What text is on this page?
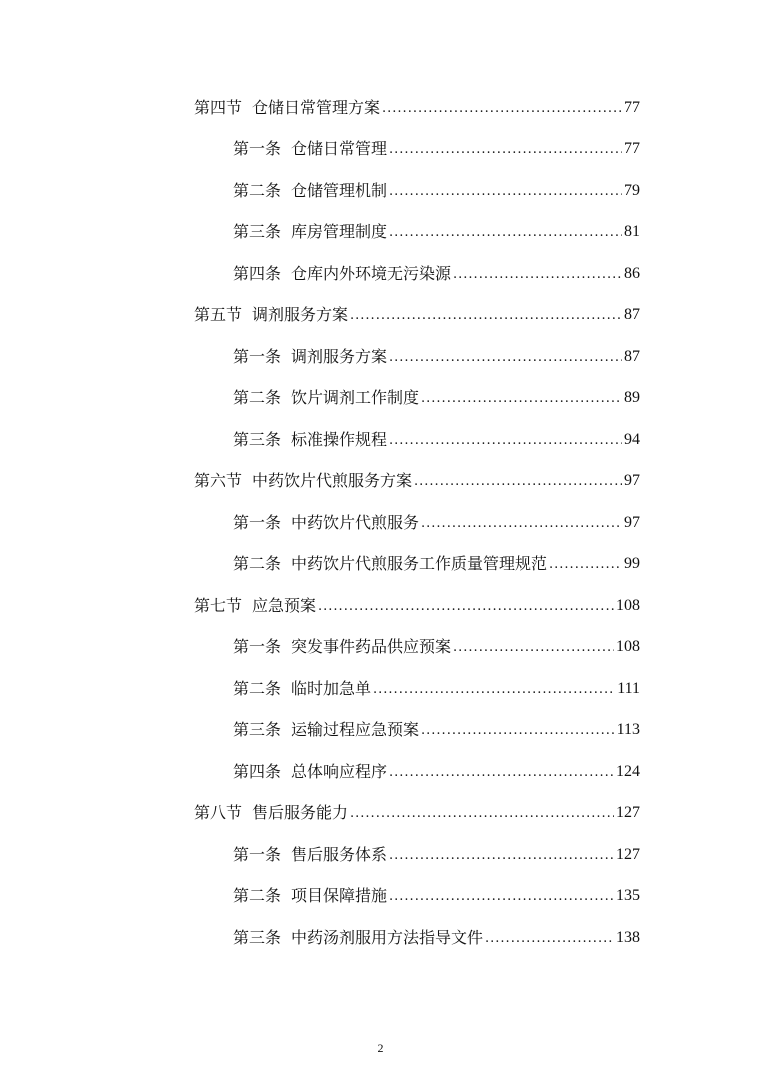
第四节 仓储日常管理方案 .....	77
第一条 仓储日常管理 .....	77
第二条 仓储管理机制 .....	79
第三条 库房管理制度 .....	81
第四条 仓库内外环境无污染源 .....	86
第五节 调剂服务方案 .....	87
第一条 调剂服务方案 .....	87
第二条 饮片调剂工作制度 .....	89
第三条 标准操作规程 .....	94
第六节 中药饮片代煎服务方案 .....	97
第一条 中药饮片代煎服务 .....	97
第二条 中药饮片代煎服务工作质量管理规范 .....	99
第七节 应急预案 .....	108
第一条 突发事件药品供应预案 .....	108
第二条 临时加急单 .....	111
第三条 运输过程应急预案 .....	113
第四条 总体响应程序 .....	124
第八节 售后服务能力 .....	127
第一条 售后服务体系 .....	127
第二条 项目保障措施 .....	135
第三条 中药汤剂服用方法指导文件 .....	138
2
